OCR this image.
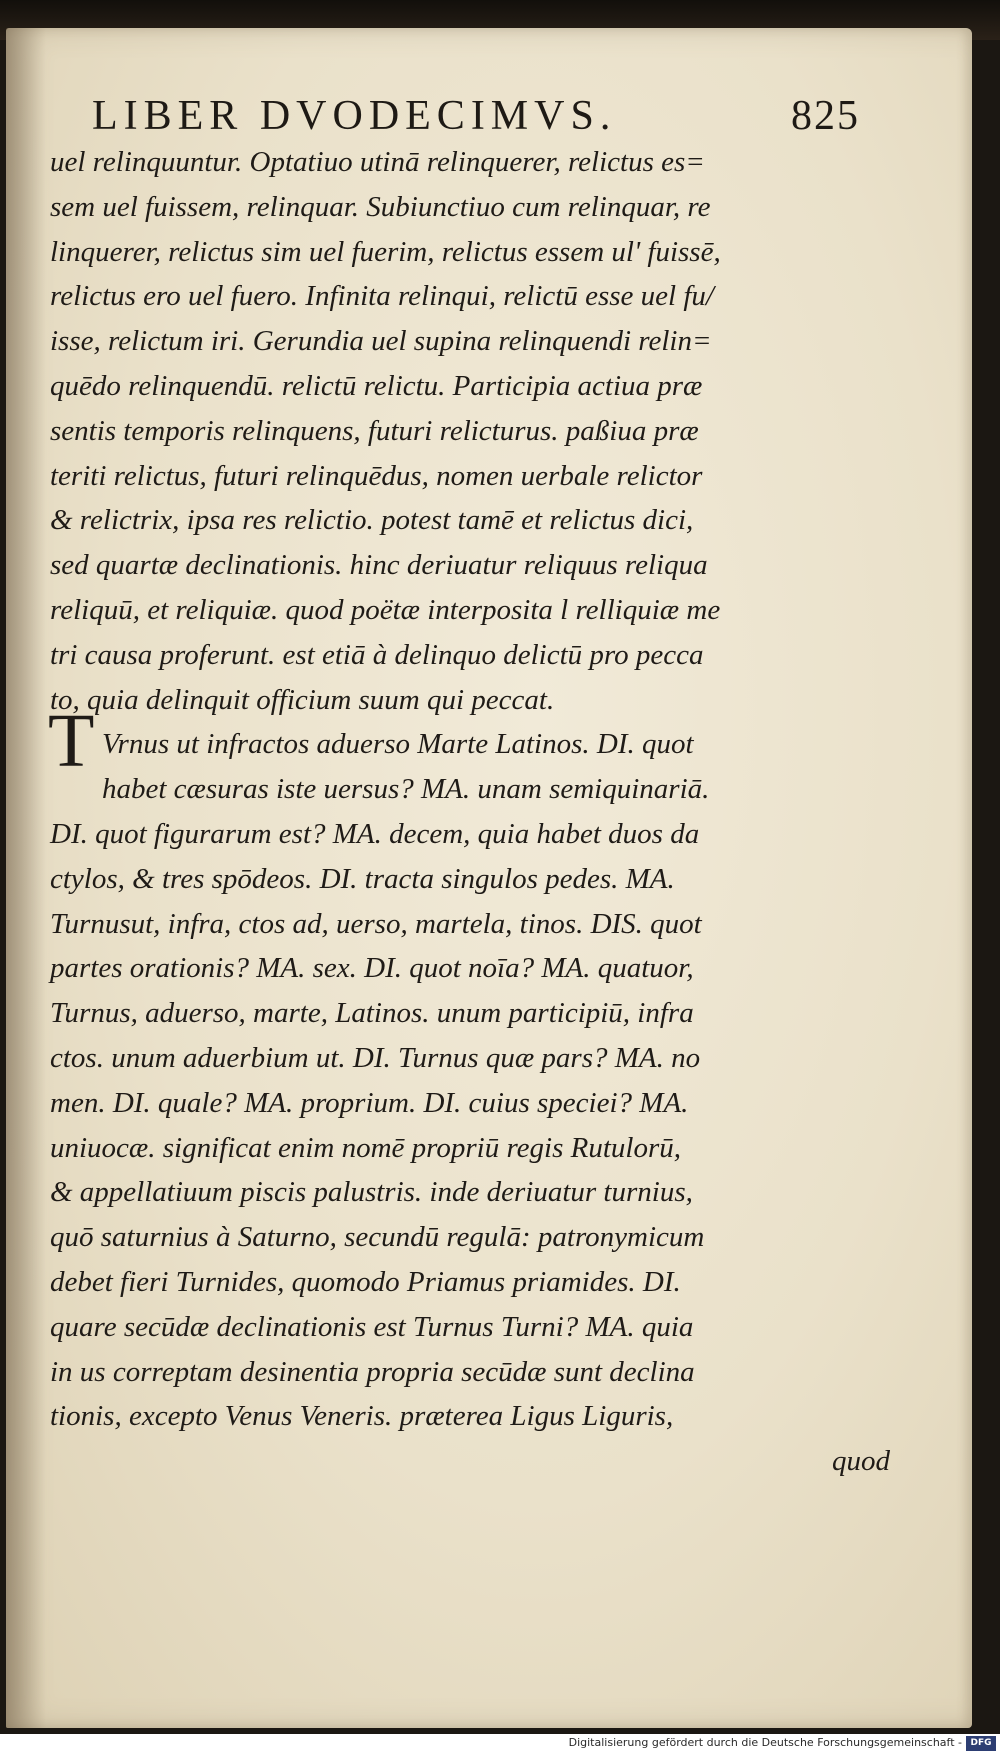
LIBER DVODECIMVS.	825
uel relinquuntur. Optatiuo utinā relinquerer, relictus es=
sem uel fuissem, relinquar. Subiunctiuo cum relinquar, re
linquerer, relictus sim uel fuerim, relictus essem ul' fuissē,
relictus ero uel fuero. Infinita relinqui, relictū esse uel fu/
isse, relictum iri. Gerundia uel supina relinquendi relin=
quēdo relinquendū. relictū relictu. Participia actiua præ
sentis temporis relinquens, futuri relicturus. paßiua præ
teriti relictus, futuri relinquēdus, nomen uerbale relictor
& relictrix, ipsa res relictio. potest tamē et relictus dici,
sed quartæ declinationis. hinc deriuatur reliquus reliqua
reliquū, et reliquiæ. quod poëtæ interposita l relliquiæ me
tri causa proferunt. est etiā à delinquo delictū pro pecca
to, quia delinquit officium suum qui peccat.
Vrnus ut infractos aduerso Marte Latinos. DI. quot
habet cæsuras iste uersus? MA. unam semiquinariā.
DI. quot figurarum est? MA. decem, quia habet duos da
ctylos, & tres spōdeos. DI. tracta singulos pedes. MA.
Turnusut, infra, ctos ad, uerso, martela, tinos. DIS. quot
partes orationis? MA. sex. DI. quot noīa? MA. quatuor,
Turnus, aduerso, marte, Latinos. unum participiū, infra
ctos. unum aduerbium ut. DI. Turnus quæ pars? MA. no
men. DI. quale? MA. proprium. DI. cuius speciei? MA.
uniuocæ. significat enim nomē propriū regis Rutulorū,
& appellatiuum piscis palustris. inde deriuatur turnius,
quō saturnius à Saturno, secundū regulā: patronymicum
debet fieri Turnides, quomodo Priamus priamides. DI.
quare secūdæ declinationis est Turnus Turni? MA. quia
in us correptam desinentia propria secūdæ sunt declina
tionis, excepto Venus Veneris. præterea Ligus Liguris,
quod
T
Digitalisierung gefördert durch die Deutsche Forschungsgemeinschaft - DFG
